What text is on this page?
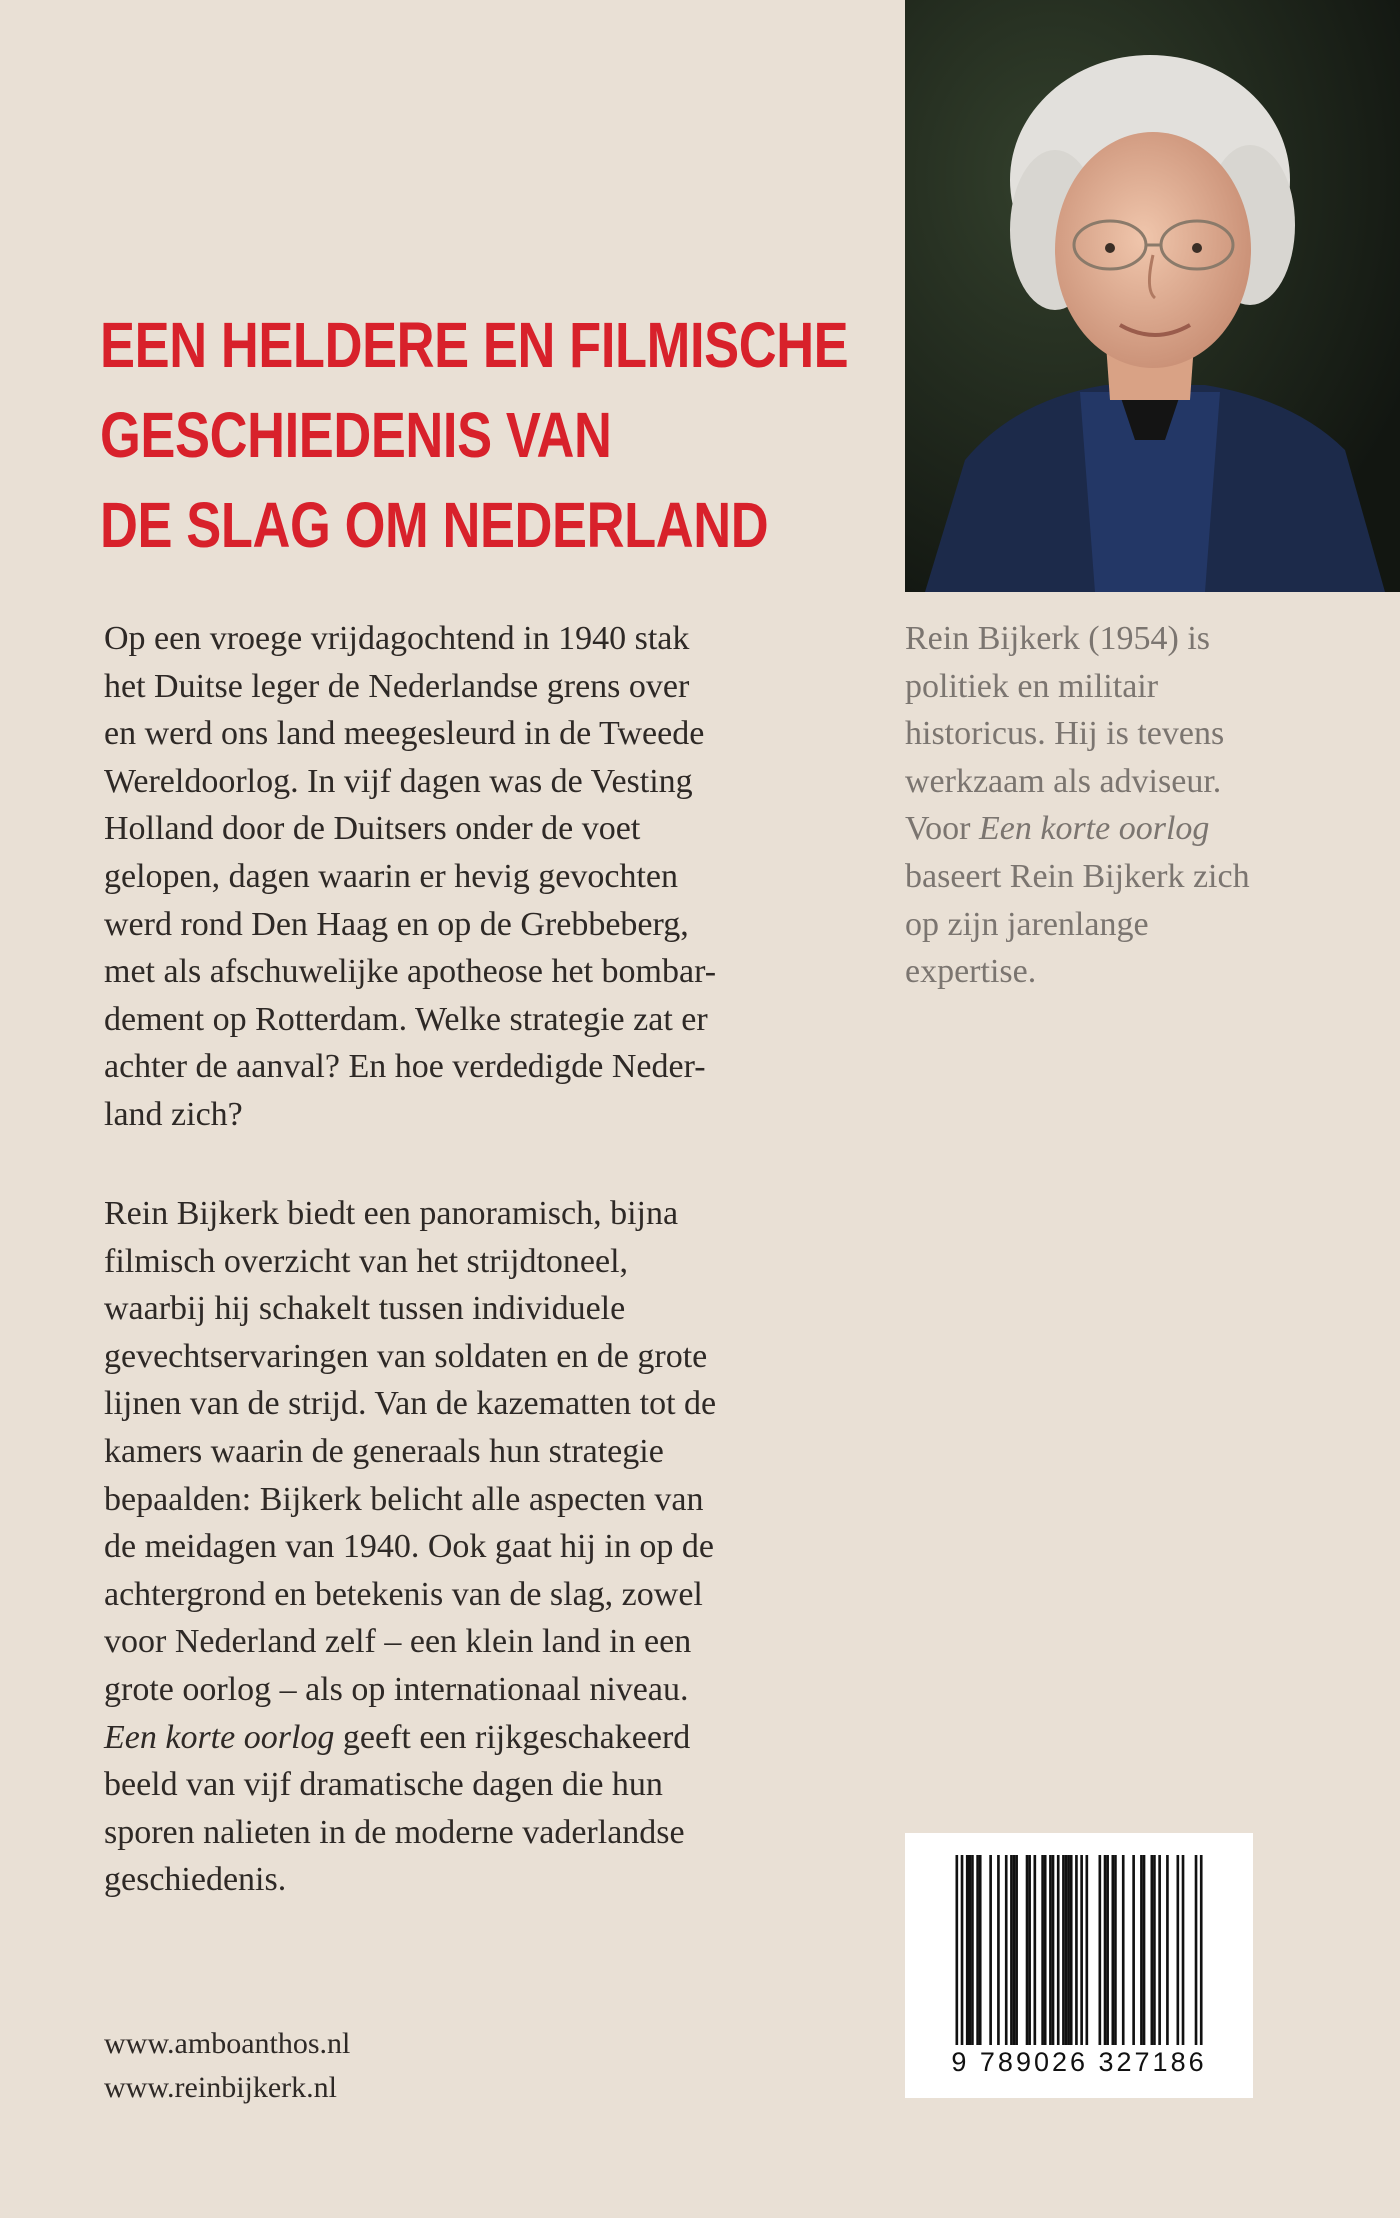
EEN HELDERE EN FILMISCHE
GESCHIEDENIS VAN
DE SLAG OM NEDERLAND

Op een vroege vrijdagochtend in 1940 stak
het Duitse leger de Nederlandse grens over
en werd ons land meegesleurd in de Tweede
Wereldoorlog. In vijf dagen was de Vesting
Holland door de Duitsers onder de voet
gelopen, dagen waarin er hevig gevochten
werd rond Den Haag en op de Grebbeberg,
met als afschuwelijke apotheose het bombar-
dement op Rotterdam. Welke strategie zat er
achter de aanval? En hoe verdedigde Neder-
land zich?

Rein Bijkerk biedt een panoramisch, bijna
filmisch overzicht van het strijdtoneel,
waarbij hij schakelt tussen individuele
gevechtservaringen van soldaten en de grote
lijnen van de strijd. Van de kazematten tot de
kamers waarin de generaals hun strategie
bepaalden: Bijkerk belicht alle aspecten van
de meidagen van 1940. Ook gaat hij in op de
achtergrond en betekenis van de slag, zowel
voor Nederland zelf – een klein land in een
grote oorlog – als op internationaal niveau.
Een korte oorlog geeft een rijkgeschakeerd
beeld van vijf dramatische dagen die hun
sporen nalieten in de moderne vaderlandse
geschiedenis.

www.amboanthos.nl
www.reinbijkerk.nl
Rein Bijkerk (1954) is
politiek en militair
historicus. Hij is tevens
werkzaam als adviseur.
Voor Een korte oorlog
baseert Rein Bijkerk zich
op zijn jarenlange
expertise.
9 789026 327186
